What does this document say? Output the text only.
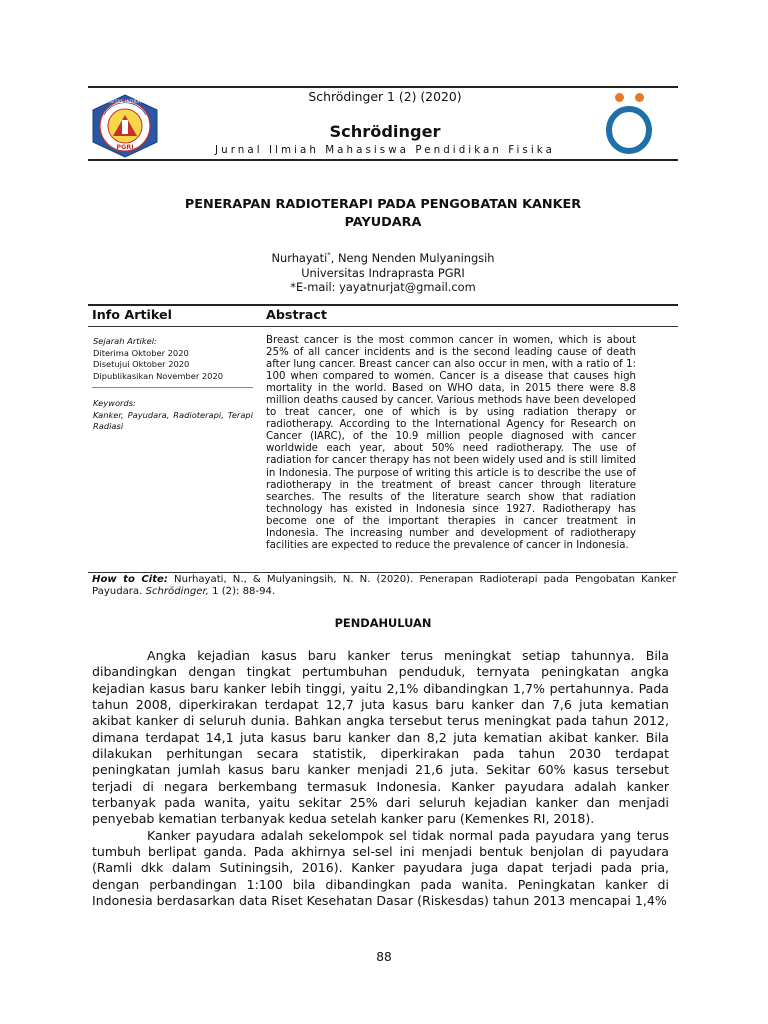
Schrödinger 1 (2) (2020)
UNIVERSITAS INDRAPRASTA
PGRI
Schrödinger
Jurnal Ilmiah Mahasiswa Pendidikan Fisika
PENERAPAN RADIOTERAPI PADA PENGOBATAN KANKER
PAYUDARA
Nurhayati*, Neng Nenden Mulyaningsih
Universitas Indraprasta PGRI
*E-mail: yayatnurjat@gmail.com
Info Artikel	Abstract
Sejarah Artikel:
Diterima Oktober 2020
Disetujui Oktober 2020
Dipublikasikan November 2020
Keywords:
Kanker, Payudara, Radioterapi, Terapi Radiasi
Breast cancer is the most common cancer in women, which is about 25% of all cancer incidents and is the second leading cause of death after lung cancer. Breast cancer can also occur in men, with a ratio of 1: 100 when compared to women. Cancer is a disease that causes high mortality in the world. Based on WHO data, in 2015 there were 8.8 million deaths caused by cancer. Various methods have been developed to treat cancer, one of which is by using radiation therapy or radiotherapy. According to the International Agency for Research on Cancer (IARC), of the 10.9 million people diagnosed with cancer worldwide each year, about 50% need radiotherapy. The use of radiation for cancer therapy has not been widely used and is still limited in Indonesia. The purpose of writing this article is to describe the use of radiotherapy in the treatment of breast cancer through literature searches. The results of the literature search show that radiation technology has existed in Indonesia since 1927. Radiotherapy has become one of the important therapies in cancer treatment in Indonesia. The increasing number and development of radiotherapy facilities are expected to reduce the prevalence of cancer in Indonesia.
How to Cite: Nurhayati, N., & Mulyaningsih, N. N. (2020). Penerapan Radioterapi pada Pengobatan Kanker Payudara. Schrödinger, 1 (2): 88-94.
PENDAHULUAN

Angka kejadian kasus baru kanker terus meningkat setiap tahunnya. Bila dibandingkan dengan tingkat pertumbuhan penduduk, ternyata peningkatan angka kejadian kasus baru kanker lebih tinggi, yaitu 2,1% dibandingkan 1,7% pertahunnya. Pada tahun 2008, diperkirakan terdapat 12,7 juta kasus baru kanker dan 7,6 juta kematian akibat kanker di seluruh dunia. Bahkan angka tersebut terus meningkat pada tahun 2012, dimana terdapat 14,1 juta kasus baru kanker dan 8,2 juta kematian akibat kanker. Bila dilakukan perhitungan secara statistik, diperkirakan pada tahun 2030 terdapat peningkatan jumlah kasus baru kanker menjadi 21,6 juta. Sekitar 60% kasus tersebut terjadi di negara berkembang termasuk Indonesia. Kanker payudara adalah kanker terbanyak pada wanita, yaitu sekitar 25% dari seluruh kejadian kanker dan menjadi penyebab kematian terbanyak kedua setelah kanker paru (Kemenkes RI, 2018).

Kanker payudara adalah sekelompok sel tidak normal pada payudara yang terus tumbuh berlipat ganda. Pada akhirnya sel-sel ini menjadi bentuk benjolan di payudara (Ramli dkk dalam Sutiningsih, 2016). Kanker payudara juga dapat terjadi pada pria, dengan perbandingan 1:100 bila dibandingkan pada wanita. Peningkatan kanker di Indonesia berdasarkan data Riset Kesehatan Dasar (Riskesdas) tahun 2013 mencapai 1,4%

88
